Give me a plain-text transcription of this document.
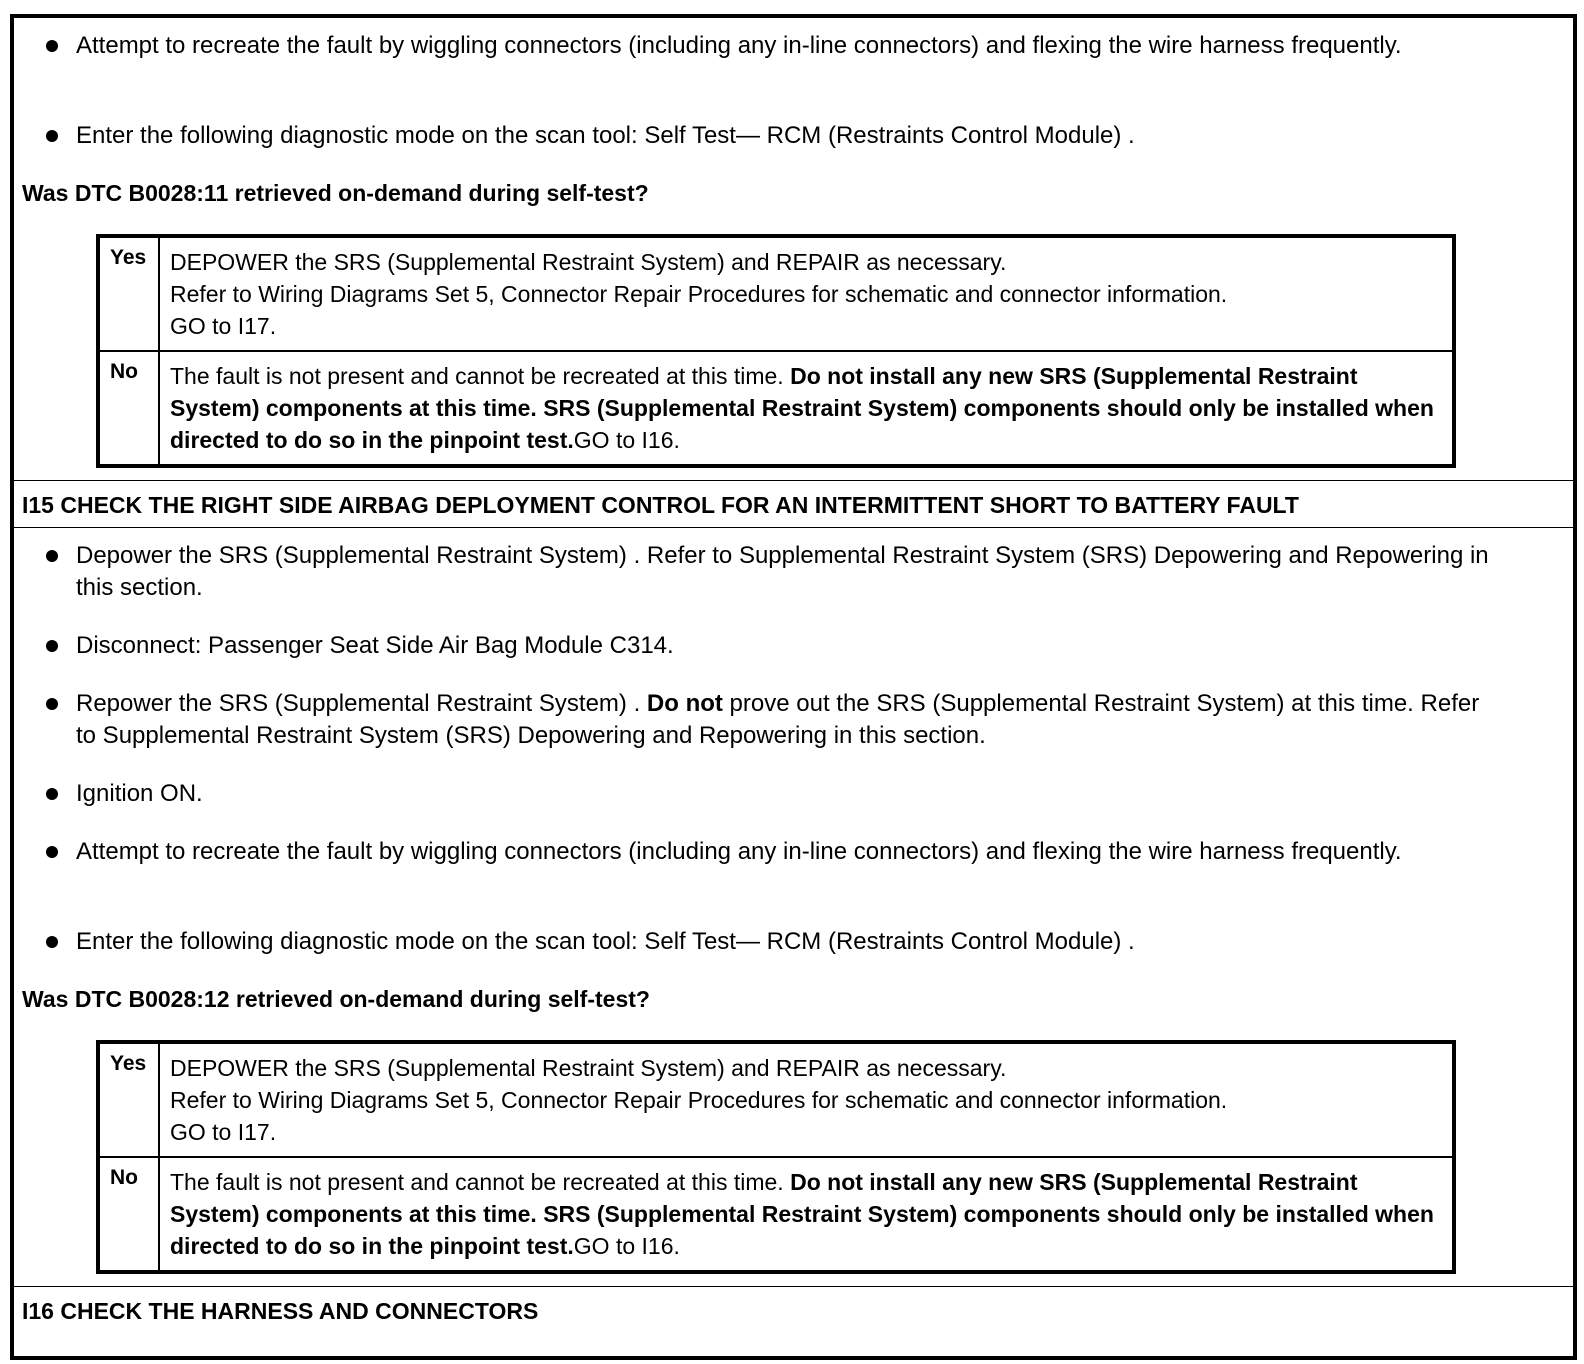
Attempt to recreate the fault by wiggling connectors (including any in-line connectors) and flexing the wire harness frequently.
Enter the following diagnostic mode on the scan tool: Self Test— RCM (Restraints Control Module) .
Was DTC B0028:11 retrieved on-demand during self-test?
Yes	DEPOWER the SRS (Supplemental Restraint System) and REPAIR as necessary.
Refer to Wiring Diagrams Set 5, Connector Repair Procedures for schematic and connector information.
GO to I17.
No	The fault is not present and cannot be recreated at this time. Do not install any new SRS (Supplemental Restraint System) components at this time. SRS (Supplemental Restraint System) components should only be installed when directed to do so in the pinpoint test.GO to I16.
I15 CHECK THE RIGHT SIDE AIRBAG DEPLOYMENT CONTROL FOR AN INTERMITTENT SHORT TO BATTERY FAULT
Depower the SRS (Supplemental Restraint System) . Refer to Supplemental Restraint System (SRS) Depowering and Repowering in this section.
Disconnect: Passenger Seat Side Air Bag Module C314.
Repower the SRS (Supplemental Restraint System) . Do not prove out the SRS (Supplemental Restraint System) at this time. Refer to Supplemental Restraint System (SRS) Depowering and Repowering in this section.
Ignition ON.
Attempt to recreate the fault by wiggling connectors (including any in-line connectors) and flexing the wire harness frequently.
Enter the following diagnostic mode on the scan tool: Self Test— RCM (Restraints Control Module) .
Was DTC B0028:12 retrieved on-demand during self-test?
Yes	DEPOWER the SRS (Supplemental Restraint System) and REPAIR as necessary.
Refer to Wiring Diagrams Set 5, Connector Repair Procedures for schematic and connector information.
GO to I17.
No	The fault is not present and cannot be recreated at this time. Do not install any new SRS (Supplemental Restraint System) components at this time. SRS (Supplemental Restraint System) components should only be installed when directed to do so in the pinpoint test.GO to I16.
I16 CHECK THE HARNESS AND CONNECTORS
